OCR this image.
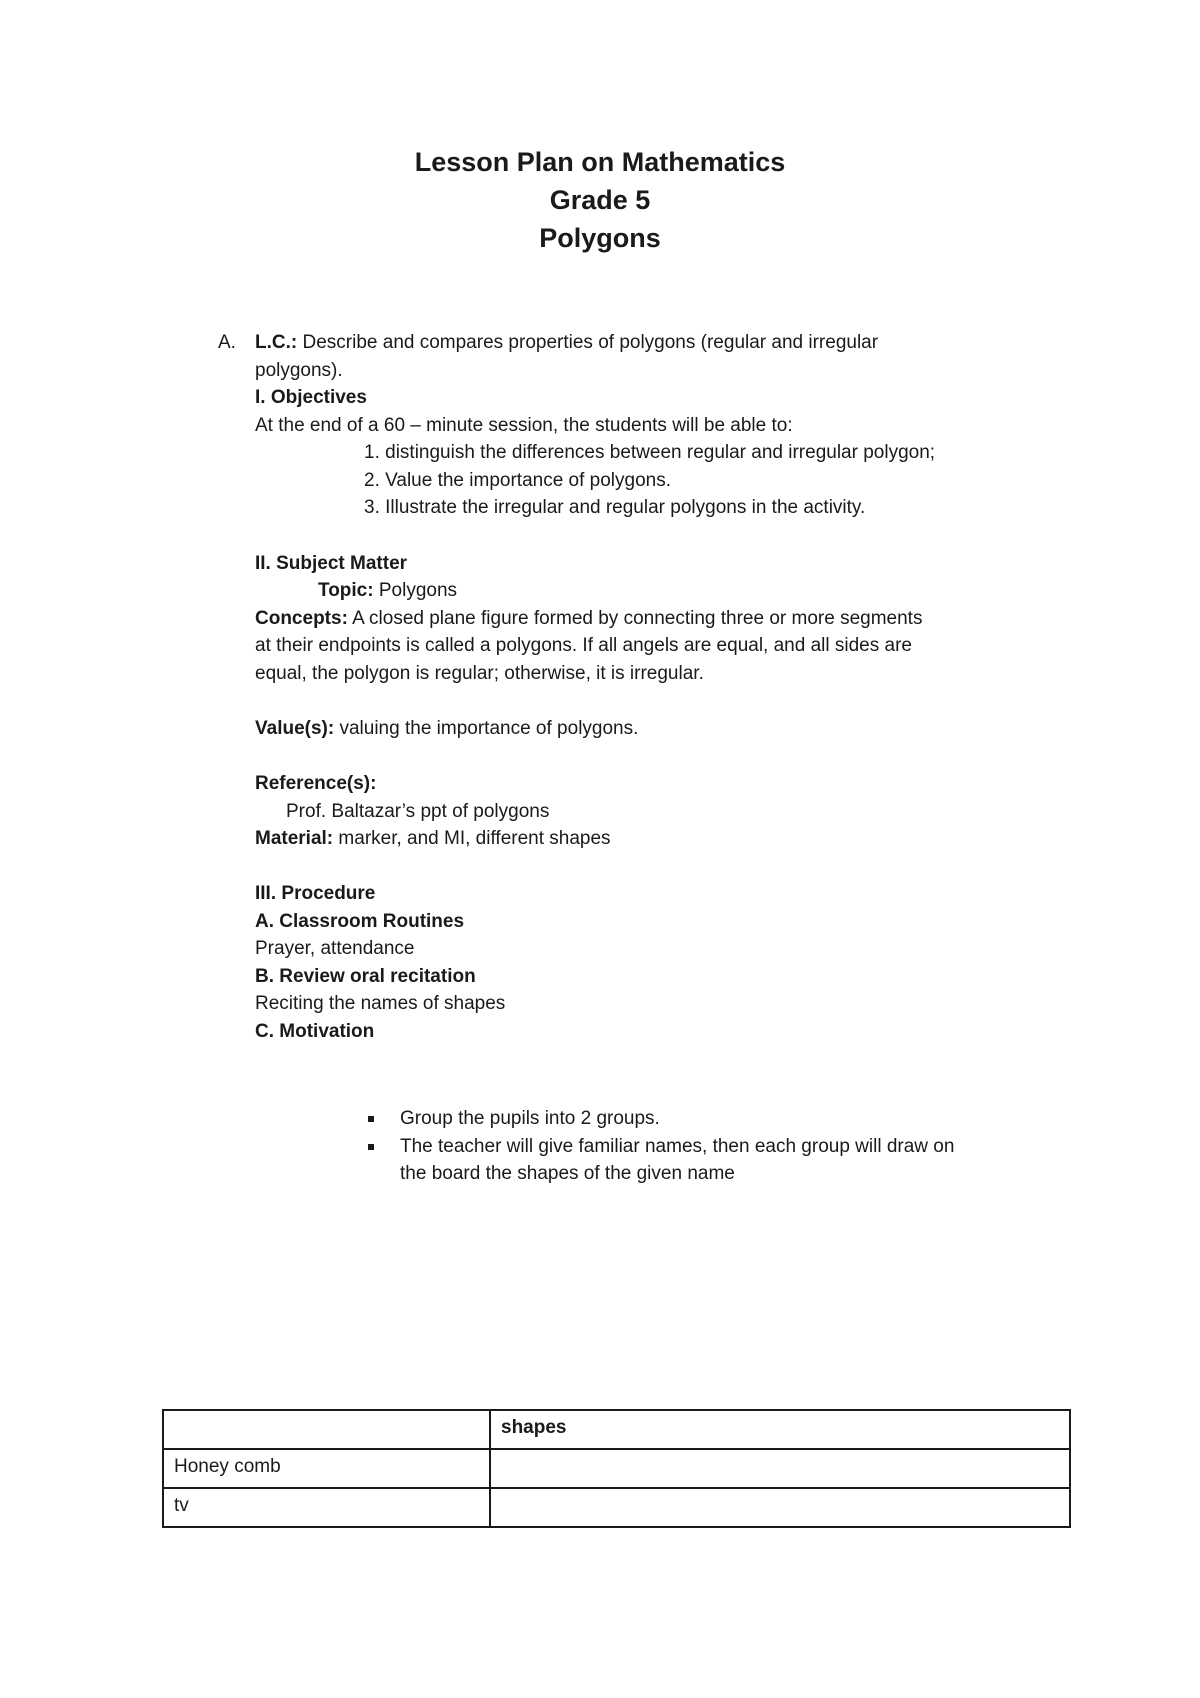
Lesson Plan on Mathematics
Grade 5
Polygons
A. L.C.: Describe and compares properties of polygons (regular and irregular
polygons).
I. Objectives
At the end of a 60 – minute session, the students will be able to:
1. distinguish the differences between regular and irregular polygon;
2. Value the importance of polygons.
3. Illustrate the irregular and regular polygons in the activity.
II. Subject Matter
Topic: Polygons
Concepts: A closed plane figure formed by connecting three or more segments
at their endpoints is called a polygons. If all angels are equal, and all sides are
equal, the polygon is regular; otherwise, it is irregular.
Value(s): valuing the importance of polygons.
Reference(s):
Prof. Baltazar’s ppt of polygons
Material: marker, and MI, different shapes
III. Procedure
A. Classroom Routines
Prayer, attendance
B. Review oral recitation
Reciting the names of shapes
C. Motivation
Group the pupils into 2 groups.
The teacher will give familiar names, then each group will draw on
the board the shapes of the given name
	shapes
Honey comb	
tv	
